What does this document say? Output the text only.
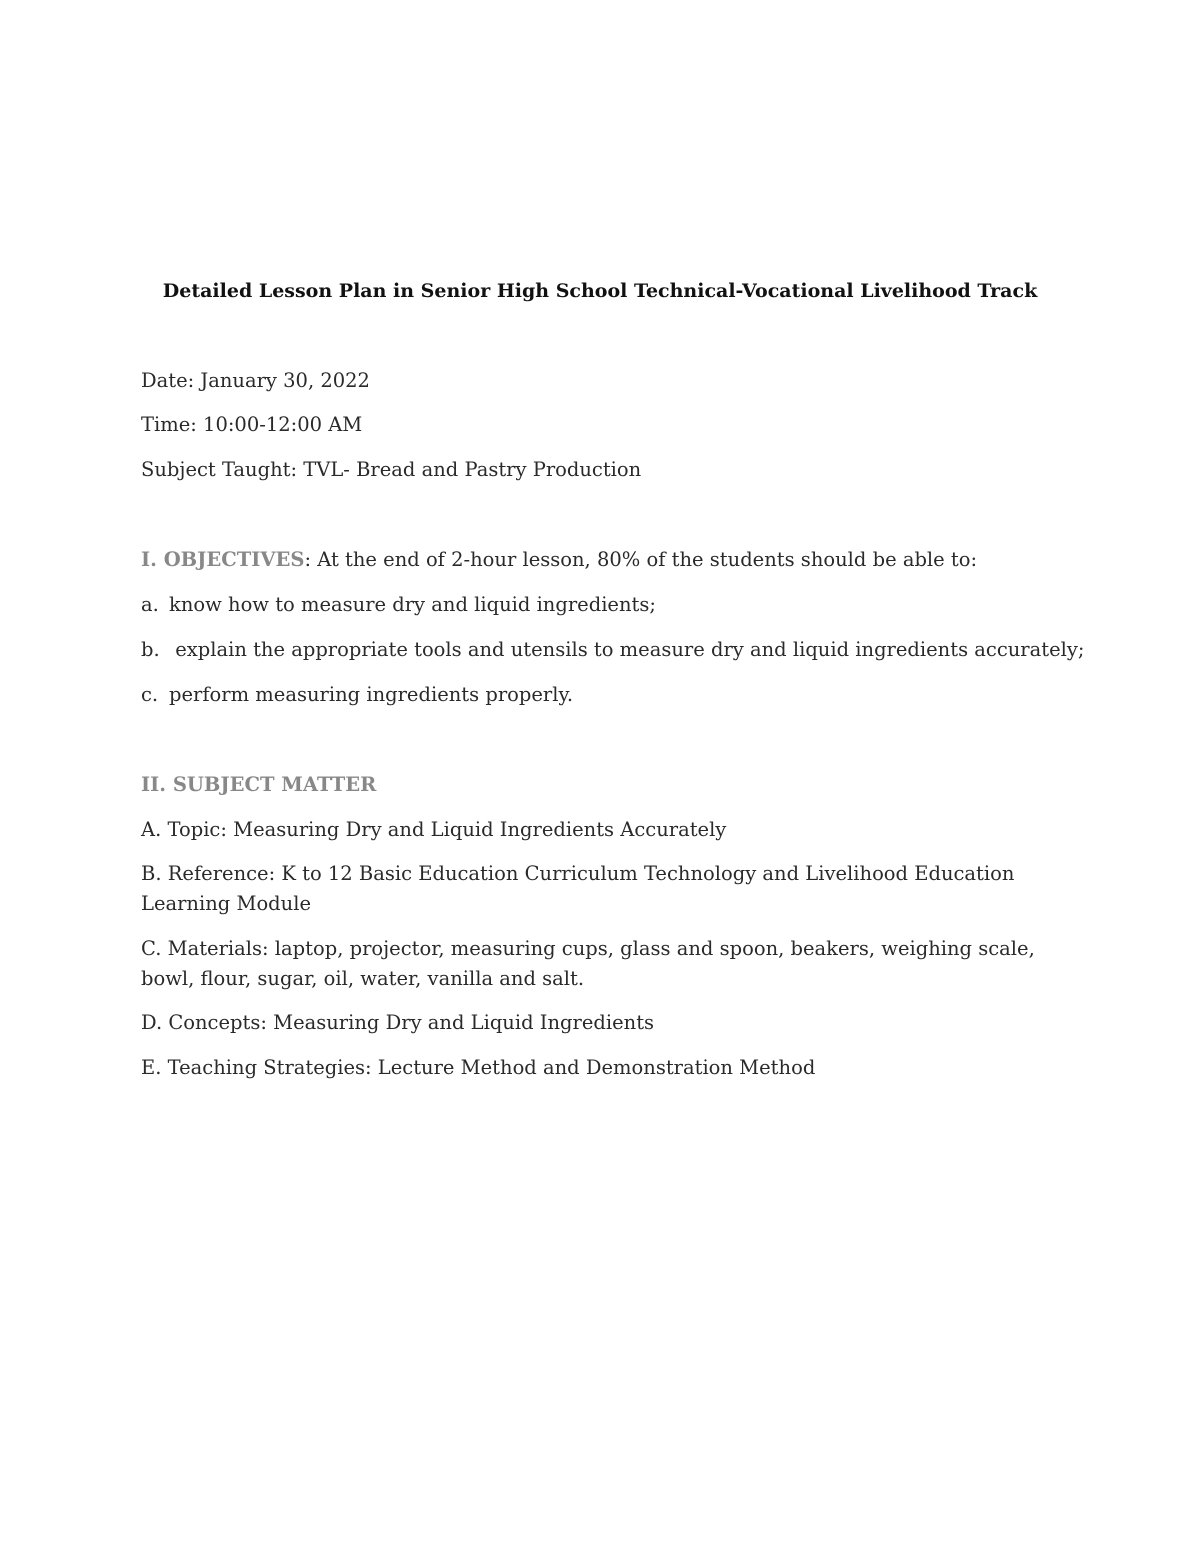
Detailed Lesson Plan in Senior High School Technical-Vocational Livelihood Track
Date: January 30, 2022
Time: 10:00-12:00 AM
Subject Taught: TVL- Bread and Pastry Production
I. OBJECTIVES: At the end of 2-hour lesson, 80% of the students should be able to:
a. know how to measure dry and liquid ingredients;
b. explain the appropriate tools and utensils to measure dry and liquid ingredients accurately;
c. perform measuring ingredients properly.
II. SUBJECT MATTER
A. Topic: Measuring Dry and Liquid Ingredients Accurately
B. Reference: K to 12 Basic Education Curriculum Technology and Livelihood Education Learning Module
C. Materials: laptop, projector, measuring cups, glass and spoon, beakers, weighing scale, bowl, flour, sugar, oil, water, vanilla and salt.
D. Concepts: Measuring Dry and Liquid Ingredients
E. Teaching Strategies: Lecture Method and Demonstration Method
